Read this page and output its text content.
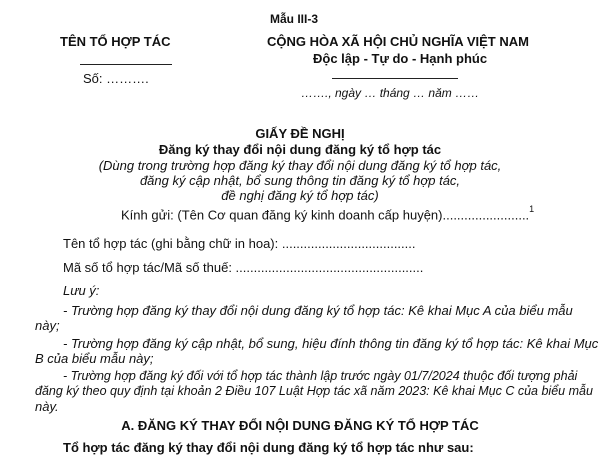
Mẫu III-3
TÊN TỔ HỢP TÁC
Số: ……….
CỘNG HÒA XÃ HỘI CHỦ NGHĨA VIỆT NAM
Độc lập - Tự do - Hạnh phúc
……., ngày … tháng … năm ……
GIẤY ĐỀ NGHỊ
Đăng ký thay đổi nội dung đăng ký tổ hợp tác
(Dùng trong trường hợp đăng ký thay đổi nội dung đăng ký tổ hợp tác,
đăng ký cập nhật, bổ sung thông tin đăng ký tổ hợp tác,
đề nghị đăng ký tổ hợp tác)
Kính gửi: (Tên Cơ quan đăng ký kinh doanh cấp huyện)........................$^1$
Tên tổ hợp tác (ghi bằng chữ in hoa): .....................................
Mã số tổ hợp tác/Mã số thuế: ....................................................
Lưu ý:
- Trường hợp đăng ký thay đổi nội dung đăng ký tổ hợp tác: Kê khai Mục A của biểu mẫu
này;
- Trường hợp đăng ký cập nhật, bổ sung, hiệu đính thông tin đăng ký tổ hợp tác: Kê khai Mục
B của biểu mẫu này;
- Trường hợp đăng ký đối với tổ hợp tác thành lập trước ngày 01/7/2024 thuộc đối tượng phải
đăng ký theo quy định tại khoản 2 Điều 107 Luật Hợp tác xã năm 2023: Kê khai Mục C của biểu mẫu
này.
A. ĐĂNG KÝ THAY ĐỔI NỘI DUNG ĐĂNG KÝ TỔ HỢP TÁC
Tổ hợp tác đăng ký thay đổi nội dung đăng ký tổ hợp tác như sau:
